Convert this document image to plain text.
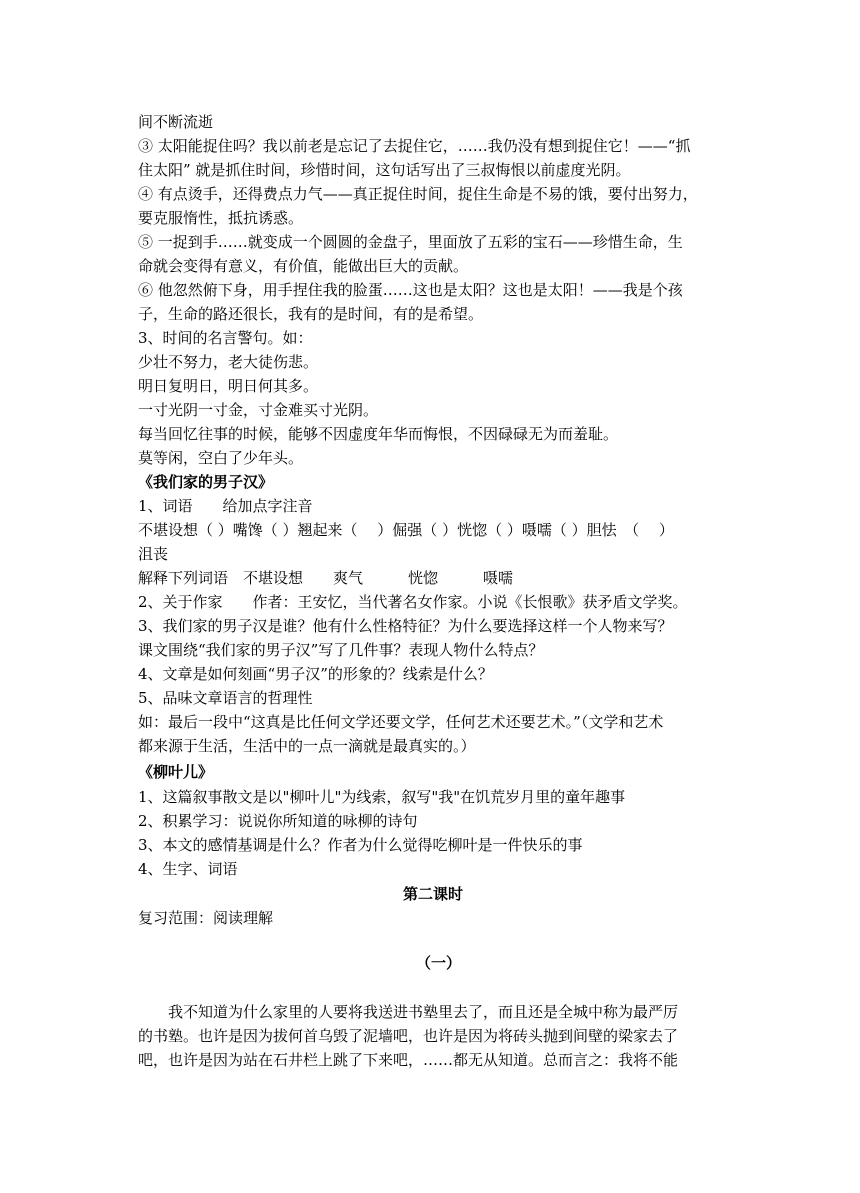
间不断流逝
③ 太阳能捉住吗？我以前老是忘记了去捉住它，……我仍没有想到捉住它！——“抓
住太阳” 就是抓住时间，珍惜时间，这句话写出了三叔悔恨以前虚度光阴。
④ 有点烫手，还得费点力气——真正捉住时间，捉住生命是不易的饿，要付出努力，
要克服惰性，抵抗诱惑。
⑤ 一捉到手……就变成一个圆圆的金盘子，里面放了五彩的宝石——珍惜生命，生
命就会变得有意义，有价值，能做出巨大的贡献。
⑥ 他忽然俯下身，用手捏住我的脸蛋……这也是太阳？这也是太阳！——我是个孩
子，生命的路还很长，我有的是时间，有的是希望。
3、时间的名言警句。如：
少壮不努力，老大徒伤悲。
明日复明日，明日何其多。
一寸光阴一寸金，寸金难买寸光阴。
每当回忆往事的时候，能够不因虚度年华而悔恨，不因碌碌无为而羞耻。
莫等闲，空白了少年头。
《我们家的男子汉》
1、词语　　给加点字注音
不堪设想（ ）嘴馋（ ）翘起来（　 ）倔强（ ）恍惚（ ）嗫嚅（ ）胆怯　（　 ）
沮丧
解释下列词语　不堪设想　　爽气　　　恍惚　　　嗫嚅
2、关于作家　　作者：王安忆，当代著名女作家。小说《长恨歌》获矛盾文学奖。
3、我们家的男子汉是谁？他有什么性格特征？为什么要选择这样一个人物来写？
课文围绕“我们家的男子汉”写了几件事？表现人物什么特点？
4、文章是如何刻画“男子汉”的形象的？线索是什么？
5、品味文章语言的哲理性
如：最后一段中“这真是比任何文学还要文学，任何艺术还要艺术。”（文学和艺术
都来源于生活，生活中的一点一滴就是最真实的。）
《柳叶儿》
1、这篇叙事散文是以"柳叶儿"为线索，叙写"我"在饥荒岁月里的童年趣事
2、积累学习：说说你所知道的咏柳的诗句
3、本文的感情基调是什么？作者为什么觉得吃柳叶是一件快乐的事
4、生字、词语
第二课时
复习范围：阅读理解
（一）
　　我不知道为什么家里的人要将我送进书塾里去了，而且还是全城中称为最严厉
的书塾。也许是因为拔何首乌毁了泥墙吧，也许是因为将砖头抛到间壁的梁家去了
吧，也许是因为站在石井栏上跳了下来吧，……都无从知道。总而言之：我将不能
